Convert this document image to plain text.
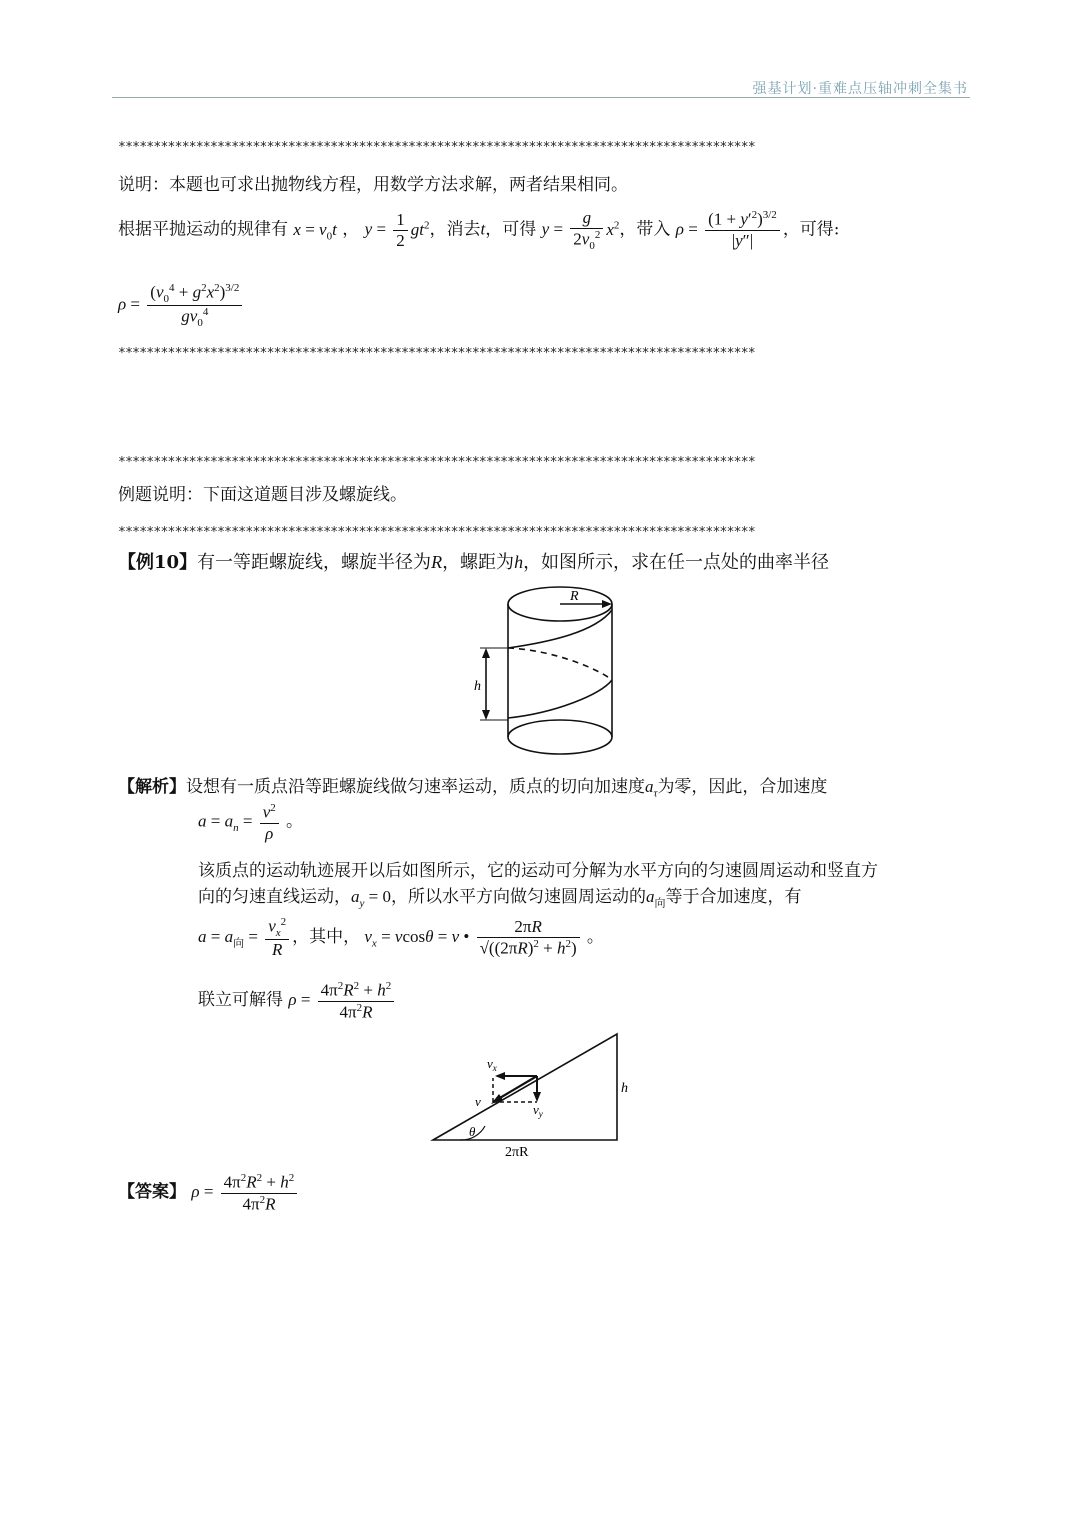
强基计划·重难点压轴冲刺全集书
******************************************************************************************
说明：本题也可求出抛物线方程，用数学方法求解，两者结果相同。
根据平抛运动的规律有 $x = v_0t$ ， $y = \frac{1}{2} gt^2$，消去t，可得 $y = \frac{g}{2v_0^2} x^2$，带入 $\rho = \frac{(1 + y'^2)^{3/2}}{|y''|}$ ，可得:
$\rho = \frac{(v_0^4 + g^2x^2)^{3/2}}{gv_0^4}$
******************************************************************************************
******************************************************************************************
例题说明：下面这道题目涉及螺旋线。
******************************************************************************************
【例10】有一等距螺旋线，螺旋半径为R，螺距为h，如图所示，求在任一点处的曲率半径
R
h
【解析】设想有一质点沿等距螺旋线做匀速率运动，质点的切向加速度$a_\tau$为零，因此，合加速度
$a = a_n = \frac{v^2}{\rho}$ 。
该质点的运动轨迹展开以后如图所示，它的运动可分解为水平方向的匀速圆周运动和竖直方
向的匀速直线运动，$a_y = 0$，所以水平方向做匀速圆周运动的$a_向$等于合加速度，有
$a = a_向 = \frac{v_x^2}{R}$ ，其中， $v_x = vcos\theta = v$ • $\frac{2\pi R}{√((2\pi R)^2 + h^2)}$ 。
联立可解得 $\rho = \frac{4\pi^2R^2 + h^2}{4\pi^2R}$
$v_x$
$v_y$
v
h
θ
2πR
【答案】 $\rho = \frac{4\pi^2R^2 + h^2}{4\pi^2R}$
